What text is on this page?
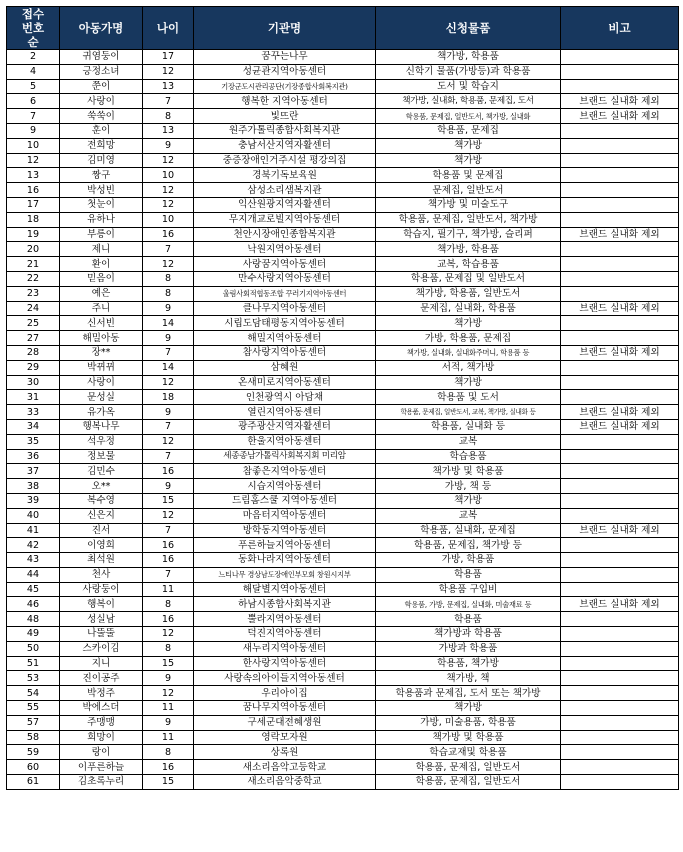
접수 번호순	아동가명	나이	기관명	신청물품	비고
2	귀염둥이	17	꿈꾸는나무	책가방, 학용품	
4	긍정소녀	12	성균관지역아동센터	신학기 물품(가방등)과 학용품	
5	쭌이	13	기장군도시관리공단(기장종합사회복지관)	도서 및 학습지	
6	사랑이	7	행복한 지역아동센터	책가방, 실내화, 학용품, 문제집, 도서	브랜드 실내화 제외
7	쑥쑥이	8	빛뜨란	학용품, 문제집, 일반도서, 책가방, 실내화	브랜드 실내화 제외
9	훈이	13	원주가톨릭종합사회복지관	학용품, 문제집	
10	전희망	9	충남서산지역자활센터	책가방	
12	김미영	12	중증장애인거주시설 평강의집	책가방	
13	짱구	10	경북기독보육원	학용품 및 문제집	
16	박성빈	12	삼성소리샘복지관	문제집, 일반도서	
17	첫눈이	12	익산원광지역자활센터	책가방 및 미술도구	
18	유하나	10	무지개교로빌지역아동센터	학용품, 문제집, 일반도서, 책가방	
19	부릉이	16	천안시장애인종합복지관	학습지, 필기구, 책가방, 슬리퍼	브랜드 실내화 제외
20	제니	7	낙원지역아동센터	책가방, 학용품	
21	환이	12	사랑꿈지역아동센터	교복, 학습용품	
22	믿음이	8	만수사랑지역아동센터	학용품, 문제집 및 일반도서	
23	예은	8	울림사회적협동조합 꾸러기지역아동센터	책가방, 학용품, 일반도서	
24	주니	9	클나무지역아동센터	문제집, 실내화, 학용품	브랜드 실내화 제외
25	신서빈	14	시립도담태평동지역아동센터	책가방	
27	해밀아동	9	해밀지역아동센터	가방, 학용품, 문제집	
28	장**	7	참사랑지역아동센터	책가방, 실내화, 실내화주머니, 학용품 등	브랜드 실내화 제외
29	박뀌뀌	14	삼혜원	서적, 책가방	
30	사랑이	12	온새미로지역아동센터	책가방	
31	문성실	18	인천광역시 아담채	학용품 및 도서	
33	유가옥	9	열린지역아동센터	학용품, 문제집, 일반도서, 교복, 책가방, 실내화 등	브랜드 실내화 제외
34	행복나무	7	광주광산지역자활센터	학용품, 실내화 등	브랜드 실내화 제외
35	석우정	12	한울지역아동센터	교복	
36	정보물	7	세종종남가톨릭사회복지회 미리암	학습용품	
37	김민수	16	참좋은지역아동센터	책가방 및 학용품	
38	오**	9	시습지역아동센터	가방, 책 등	
39	복수영	15	드림홈스쿨 지역아동센터	책가방	
40	신은지	12	마음터지역아동센터	교복	
41	진서	7	방학동지역아동센터	학용품, 실내화, 문제집	브랜드 실내화 제외
42	이영희	16	푸른하늘지역아동센터	학용품, 문제집, 책가방 등	
43	최석원	16	동화나라지역아동센터	가방, 학용품	
44	천사	7	느티나무 경상남도장애인부모회 창원시지부	학용품	
45	사랑둥이	11	해달별지역아동센터	학용품 구입비	
46	행복이	8	하남시종합사회복지관	학용품, 가방, 문제집, 실내화, 미술재료 등	브랜드 실내화 제외
48	성실남	16	뿔라지역아동센터	학용품	
49	나뚤뚤	12	덕진지역아동센터	책가방과 학용품	
50	스카이김	8	새누리지역아동센터	가방과 학용품	
51	지니	15	한사랑지역아동센터	학용품, 책가방	
53	진이공주	9	사랑속의아이들지역아동센터	책가방, 책	
54	박정주	12	우리아이집	학용품과 문제집, 도서 또는 책가방	
55	박에스더	11	꿈나무지역아동센터	책가방	
57	주맹맹	9	구세군대전혜생원	가방, 미술용품, 학용품	
58	희망이	11	영락모자원	책가방 및 학용품	
59	랑이	8	상록원	학습교재및 학용품	
60	이푸른하늘	16	새소리음악고등학교	학용품, 문제집, 일반도서	
61	김초록누리	15	새소리음악중학교	학용품, 문제집, 일반도서	
